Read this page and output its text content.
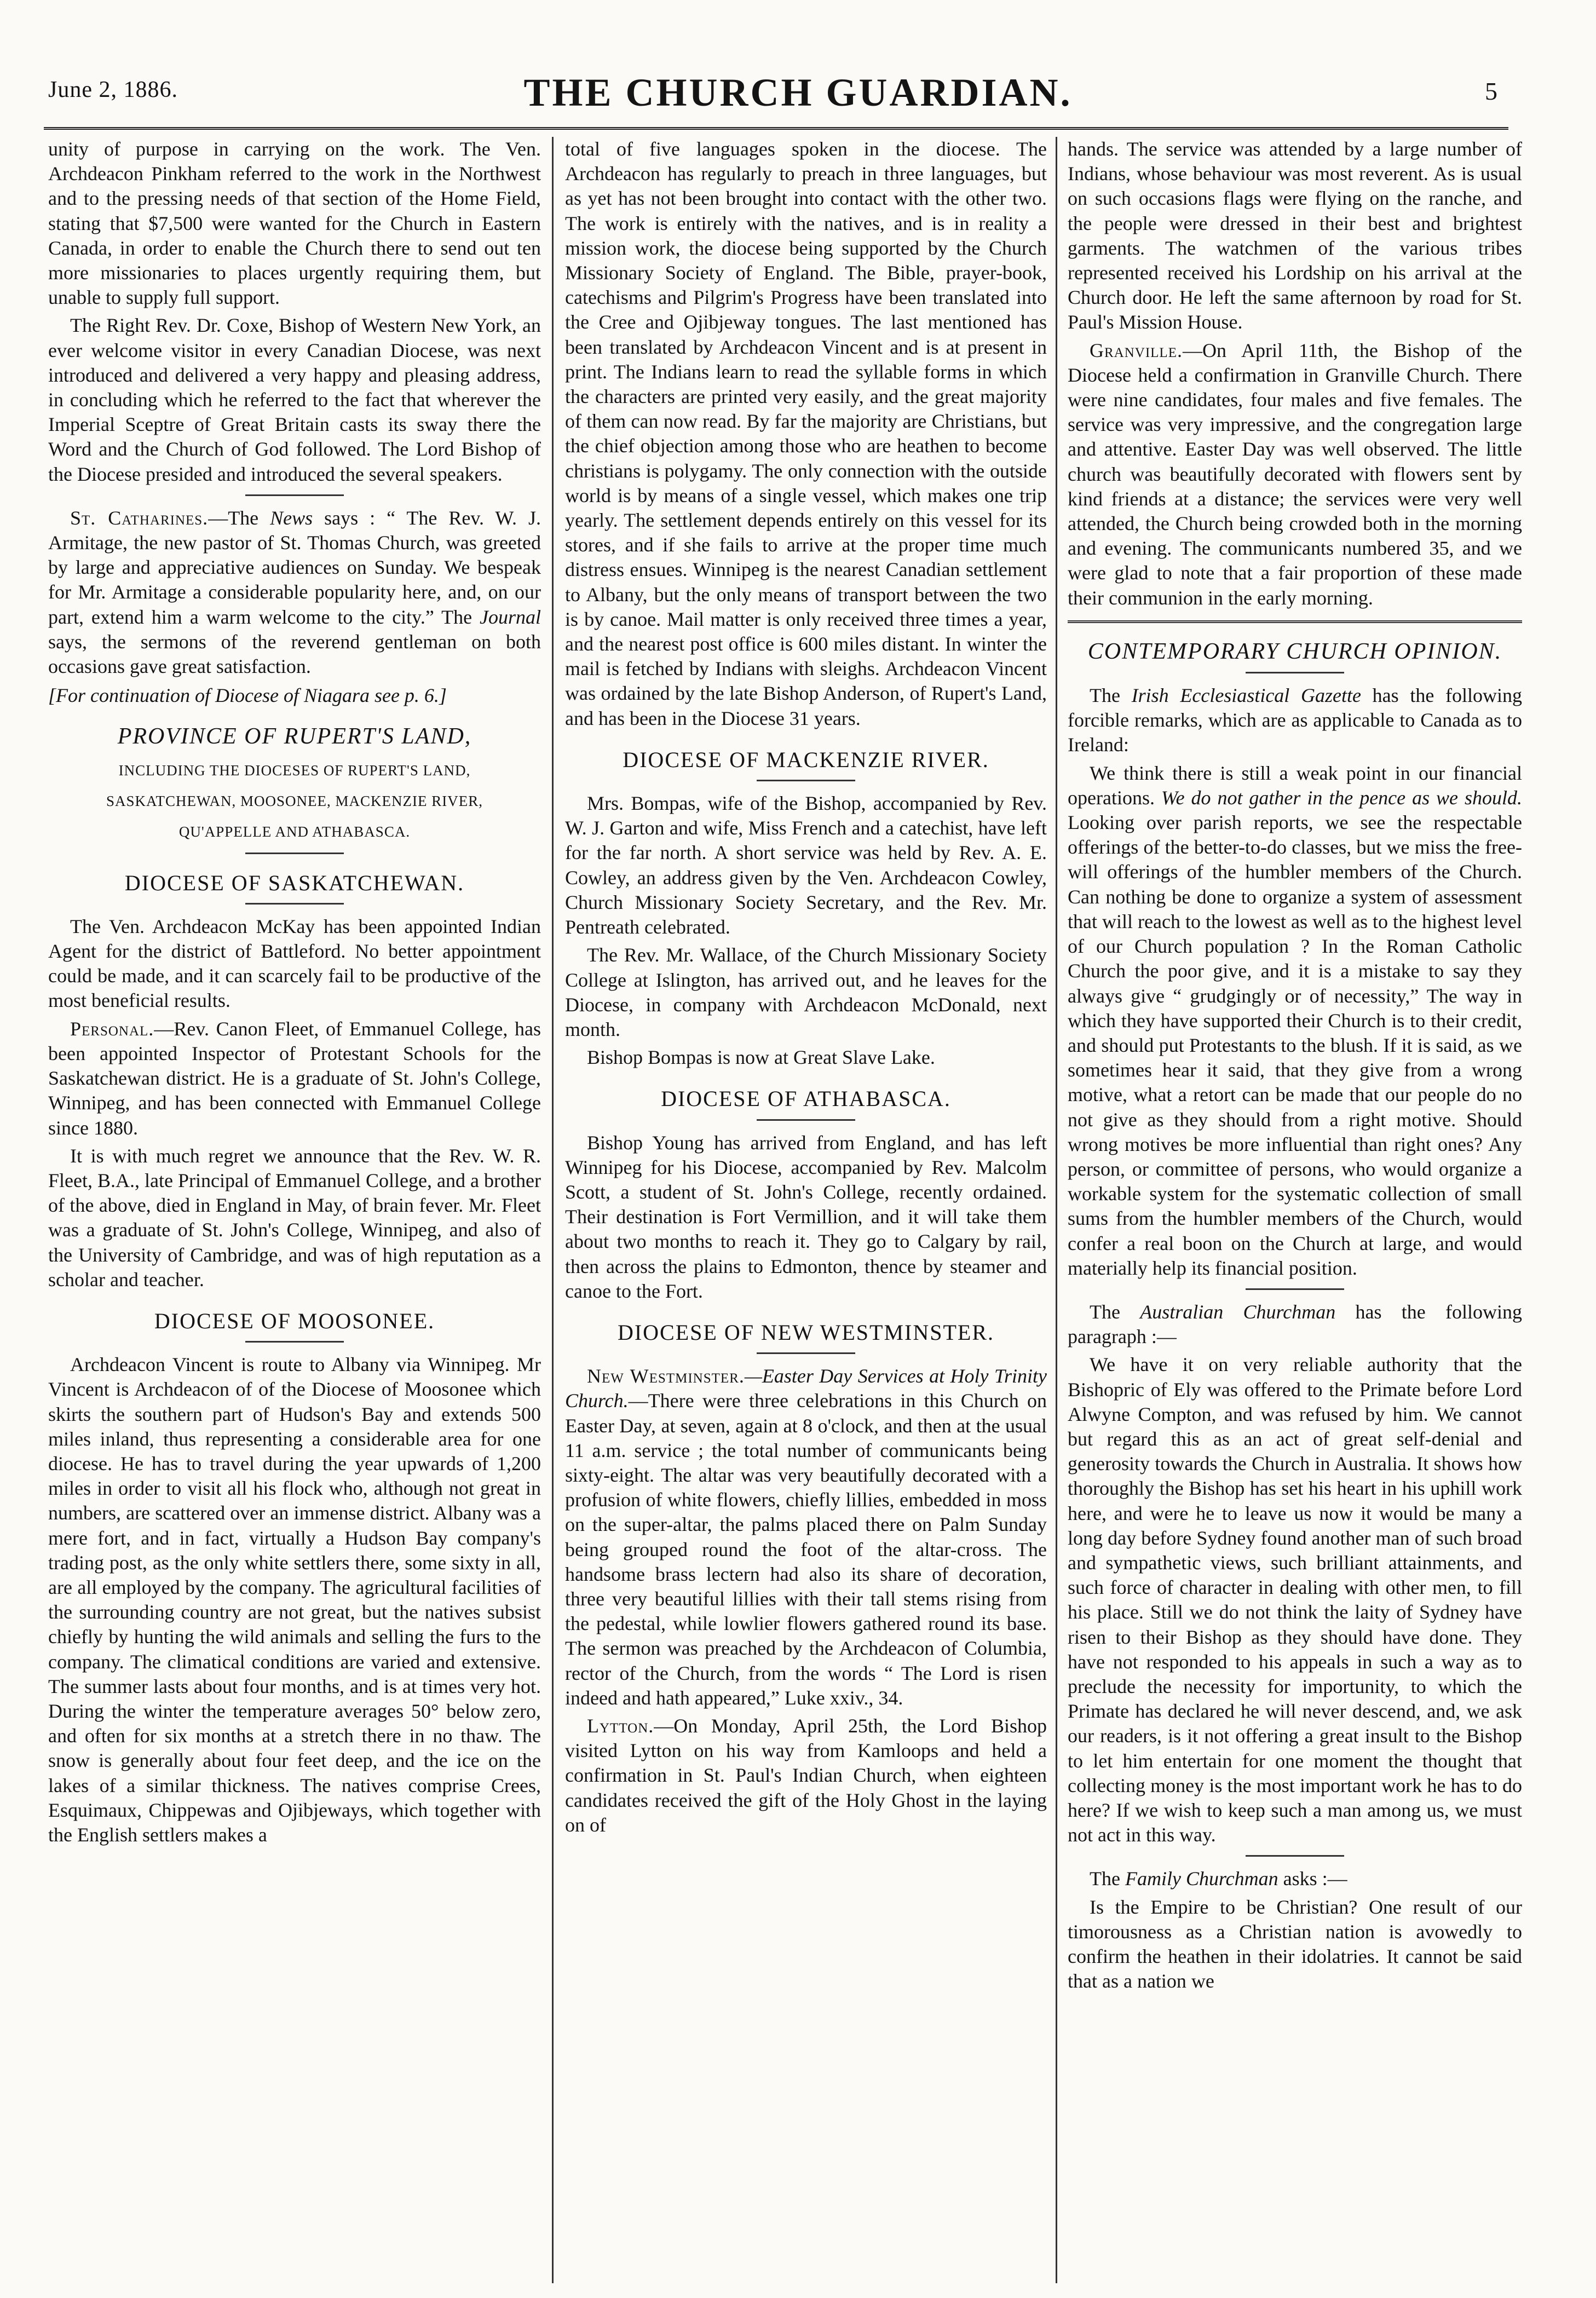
June 2, 1886.	THE CHURCH GUARDIAN.	5

unity of purpose in carrying on the work. The Ven. Archdeacon Pinkham referred to the work in the Northwest and to the pressing needs of that section of the Home Field, stating that $7,500 were wanted for the Church in Eastern Canada, in order to enable the Church there to send out ten more missionaries to places urgently requiring them, but unable to supply full support.

The Right Rev. Dr. Coxe, Bishop of Western New York, an ever welcome visitor in every Canadian Diocese, was next introduced and delivered a very happy and pleasing address, in concluding which he referred to the fact that wherever the Imperial Sceptre of Great Britain casts its sway there the Word and the Church of God followed. The Lord Bishop of the Diocese presided and introduced the several speakers.

St. Catharines.—The News says : “ The Rev. W. J. Armitage, the new pastor of St. Thomas Church, was greeted by large and appreciative audiences on Sunday. We bespeak for Mr. Armitage a considerable popularity here, and, on our part, extend him a warm welcome to the city.” The Journal says, the sermons of the reverend gentleman on both occasions gave great satisfaction.

[For continuation of Diocese of Niagara see p. 6.]

PROVINCE OF RUPERT'S LAND,
INCLUDING THE DIOCESES OF RUPERT'S LAND,
SASKATCHEWAN, MOOSONEE, MACKENZIE RIVER,
QU'APPELLE AND ATHABASCA.
DIOCESE OF SASKATCHEWAN.

The Ven. Archdeacon McKay has been appointed Indian Agent for the district of Battleford. No better appointment could be made, and it can scarcely fail to be productive of the most beneficial results.

Personal.—Rev. Canon Fleet, of Emmanuel College, has been appointed Inspector of Protestant Schools for the Saskatchewan district. He is a graduate of St. John's College, Winnipeg, and has been connected with Emmanuel College since 1880.

It is with much regret we announce that the Rev. W. R. Fleet, B.A., late Principal of Emmanuel College, and a brother of the above, died in England in May, of brain fever. Mr. Fleet was a graduate of St. John's College, Winnipeg, and also of the University of Cambridge, and was of high reputation as a scholar and teacher.

DIOCESE OF MOOSONEE.

Archdeacon Vincent is route to Albany via Winnipeg. Mr Vincent is Archdeacon of of the Diocese of Moosonee which skirts the southern part of Hudson's Bay and extends 500 miles inland, thus representing a considerable area for one diocese. He has to travel during the year upwards of 1,200 miles in order to visit all his flock who, although not great in numbers, are scattered over an immense district. Albany was a mere fort, and in fact, virtually a Hudson Bay company's trading post, as the only white settlers there, some sixty in all, are all employed by the company. The agricultural facilities of the surrounding country are not great, but the natives subsist chiefly by hunting the wild animals and selling the furs to the company. The climatical conditions are varied and extensive. The summer lasts about four months, and is at times very hot. During the winter the temperature averages 50° below zero, and often for six months at a stretch there in no thaw. The snow is generally about four feet deep, and the ice on the lakes of a similar thickness. The natives comprise Crees, Esquimaux, Chippewas and Ojibjeways, which together with the English settlers makes a

total of five languages spoken in the diocese. The Archdeacon has regularly to preach in three languages, but as yet has not been brought into contact with the other two. The work is entirely with the natives, and is in reality a mission work, the diocese being supported by the Church Missionary Society of England. The Bible, prayer-book, catechisms and Pilgrim's Progress have been translated into the Cree and Ojibjeway tongues. The last mentioned has been translated by Archdeacon Vincent and is at present in print. The Indians learn to read the syllable forms in which the characters are printed very easily, and the great majority of them can now read. By far the majority are Christians, but the chief objection among those who are heathen to become christians is polygamy. The only connection with the outside world is by means of a single vessel, which makes one trip yearly. The settlement depends entirely on this vessel for its stores, and if she fails to arrive at the proper time much distress ensues. Winnipeg is the nearest Canadian settlement to Albany, but the only means of transport between the two is by canoe. Mail matter is only received three times a year, and the nearest post office is 600 miles distant. In winter the mail is fetched by Indians with sleighs. Archdeacon Vincent was ordained by the late Bishop Anderson, of Rupert's Land, and has been in the Diocese 31 years.

DIOCESE OF MACKENZIE RIVER.

Mrs. Bompas, wife of the Bishop, accompanied by Rev. W. J. Garton and wife, Miss French and a catechist, have left for the far north. A short service was held by Rev. A. E. Cowley, an address given by the Ven. Archdeacon Cowley, Church Missionary Society Secretary, and the Rev. Mr. Pentreath celebrated.

The Rev. Mr. Wallace, of the Church Missionary Society College at Islington, has arrived out, and he leaves for the Diocese, in company with Archdeacon McDonald, next month.

Bishop Bompas is now at Great Slave Lake.

DIOCESE OF ATHABASCA.

Bishop Young has arrived from England, and has left Winnipeg for his Diocese, accompanied by Rev. Malcolm Scott, a student of St. John's College, recently ordained. Their destination is Fort Vermillion, and it will take them about two months to reach it. They go to Calgary by rail, then across the plains to Edmonton, thence by steamer and canoe to the Fort.

DIOCESE OF NEW WESTMINSTER.

New Westminster.—Easter Day Services at Holy Trinity Church.—There were three celebrations in this Church on Easter Day, at seven, again at 8 o'clock, and then at the usual 11 a.m. service ; the total number of communicants being sixty-eight. The altar was very beautifully decorated with a profusion of white flowers, chiefly lillies, embedded in moss on the super-altar, the palms placed there on Palm Sunday being grouped round the foot of the altar-cross. The handsome brass lectern had also its share of decoration, three very beautiful lillies with their tall stems rising from the pedestal, while lowlier flowers gathered round its base. The sermon was preached by the Archdeacon of Columbia, rector of the Church, from the words “ The Lord is risen indeed and hath appeared,” Luke xxiv., 34.

Lytton.—On Monday, April 25th, the Lord Bishop visited Lytton on his way from Kamloops and held a confirmation in St. Paul's Indian Church, when eighteen candidates received the gift of the Holy Ghost in the laying on of

hands. The service was attended by a large number of Indians, whose behaviour was most reverent. As is usual on such occasions flags were flying on the ranche, and the people were dressed in their best and brightest garments. The watchmen of the various tribes represented received his Lordship on his arrival at the Church door. He left the same afternoon by road for St. Paul's Mission House.

Granville.—On April 11th, the Bishop of the Diocese held a confirmation in Granville Church. There were nine candidates, four males and five females. The service was very impressive, and the congregation large and attentive. Easter Day was well observed. The little church was beautifully decorated with flowers sent by kind friends at a distance; the services were very well attended, the Church being crowded both in the morning and evening. The communicants numbered 35, and we were glad to note that a fair proportion of these made their communion in the early morning.

CONTEMPORARY CHURCH OPINION.

The Irish Ecclesiastical Gazette has the following forcible remarks, which are as applicable to Canada as to Ireland:

We think there is still a weak point in our financial operations. We do not gather in the pence as we should. Looking over parish reports, we see the respectable offerings of the better-to-do classes, but we miss the free-will offerings of the humbler members of the Church. Can nothing be done to organize a system of assessment that will reach to the lowest as well as to the highest level of our Church population ? In the Roman Catholic Church the poor give, and it is a mistake to say they always give “ grudgingly or of necessity,” The way in which they have supported their Church is to their credit, and should put Protestants to the blush. If it is said, as we sometimes hear it said, that they give from a wrong motive, what a retort can be made that our people do no not give as they should from a right motive. Should wrong motives be more influential than right ones? Any person, or committee of persons, who would organize a workable system for the systematic collection of small sums from the humbler members of the Church, would confer a real boon on the Church at large, and would materially help its financial position.

The Australian Churchman has the following paragraph :—

We have it on very reliable authority that the Bishopric of Ely was offered to the Primate before Lord Alwyne Compton, and was refused by him. We cannot but regard this as an act of great self-denial and generosity towards the Church in Australia. It shows how thoroughly the Bishop has set his heart in his uphill work here, and were he to leave us now it would be many a long day before Sydney found another man of such broad and sympathetic views, such brilliant attainments, and such force of character in dealing with other men, to fill his place. Still we do not think the laity of Sydney have risen to their Bishop as they should have done. They have not responded to his appeals in such a way as to preclude the necessity for importunity, to which the Primate has declared he will never descend, and, we ask our readers, is it not offering a great insult to the Bishop to let him entertain for one moment the thought that collecting money is the most important work he has to do here? If we wish to keep such a man among us, we must not act in this way.

The Family Churchman asks :—

Is the Empire to be Christian? One result of our timorousness as a Christian nation is avowedly to confirm the heathen in their idolatries. It cannot be said that as a nation we
